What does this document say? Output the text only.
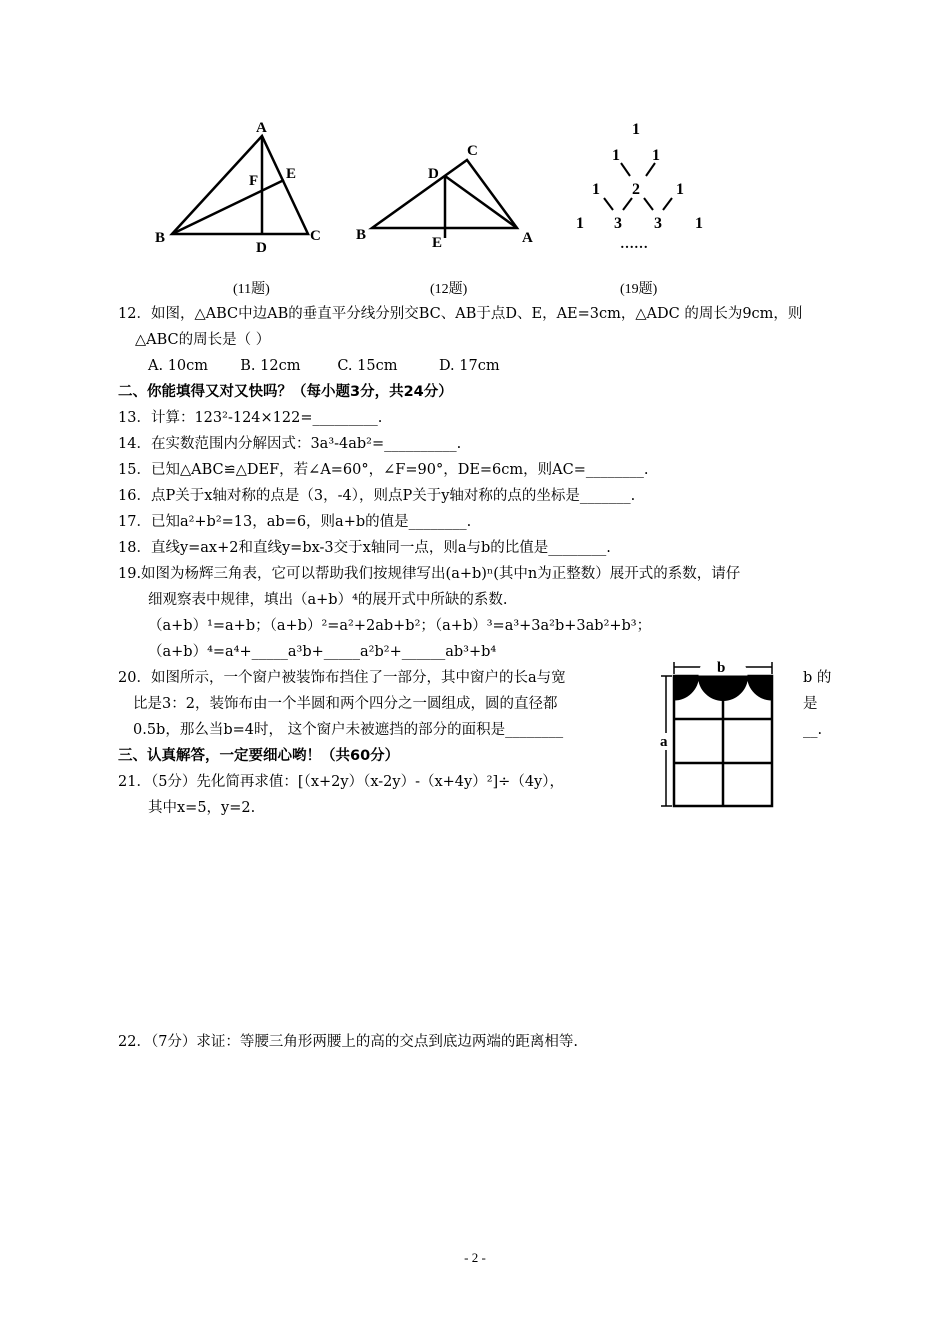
A
B	C
D
E
F
C
D
B	A
E
1
1 1
1 2 1
1 3 3 1
……
(11题)	(12题)	(19题)
12．如图，△ABC中边AB的垂直平分线分别交BC、AB于点D、E，AE=3cm，△ADC 的周长为9cm，则
△ABC的周长是（ ）
A. 10cm       B. 12cm        C. 15cm         D. 17cm
二、你能填得又对又快吗？（每小题3分，共24分）
13．计算：123²-124×122=_________.
14．在实数范围内分解因式：3a³-4ab²=__________.
15．已知△ABC≌△DEF，若∠A=60°，∠F=90°，DE=6cm，则AC=________.
16．点P关于x轴对称的点是（3，-4），则点P关于y轴对称的点的坐标是_______.
17．已知a²+b²=13，ab=6，则a+b的值是________.
18．直线y=ax+2和直线y=bx-3交于x轴同一点，则a与b的比值是________.
19.如图为杨辉三角表，它可以帮助我们按规律写出(a+b)ⁿ(其中n为正整数）展开式的系数，请仔
细观察表中规律，填出（a+b）⁴的展开式中所缺的系数.
（a+b）¹=a+b；（a+b）²=a²+2ab+b²；（a+b）³=a³+3a²b+3ab²+b³；
（a+b）⁴=a⁴+_____a³b+_____a²b²+______ab³+b⁴
20．如图所示，一个窗户被装饰布挡住了一部分，其中窗户的长a与宽	b 的
比是3：2，装饰布由一个半圆和两个四分之一圆组成，圆的直径都	是
0.5b，那么当b=4时， 这个窗户未被遮挡的部分的面积是________	__.
b
a
三、认真解答，一定要细心哟！（共60分）
21．（5分）先化简再求值：[（x+2y）（x-2y）-（x+4y）²]÷（4y），
其中x=5，y=2.
22．（7分）求证：等腰三角形两腰上的高的交点到底边两端的距离相等.
- 2 -
